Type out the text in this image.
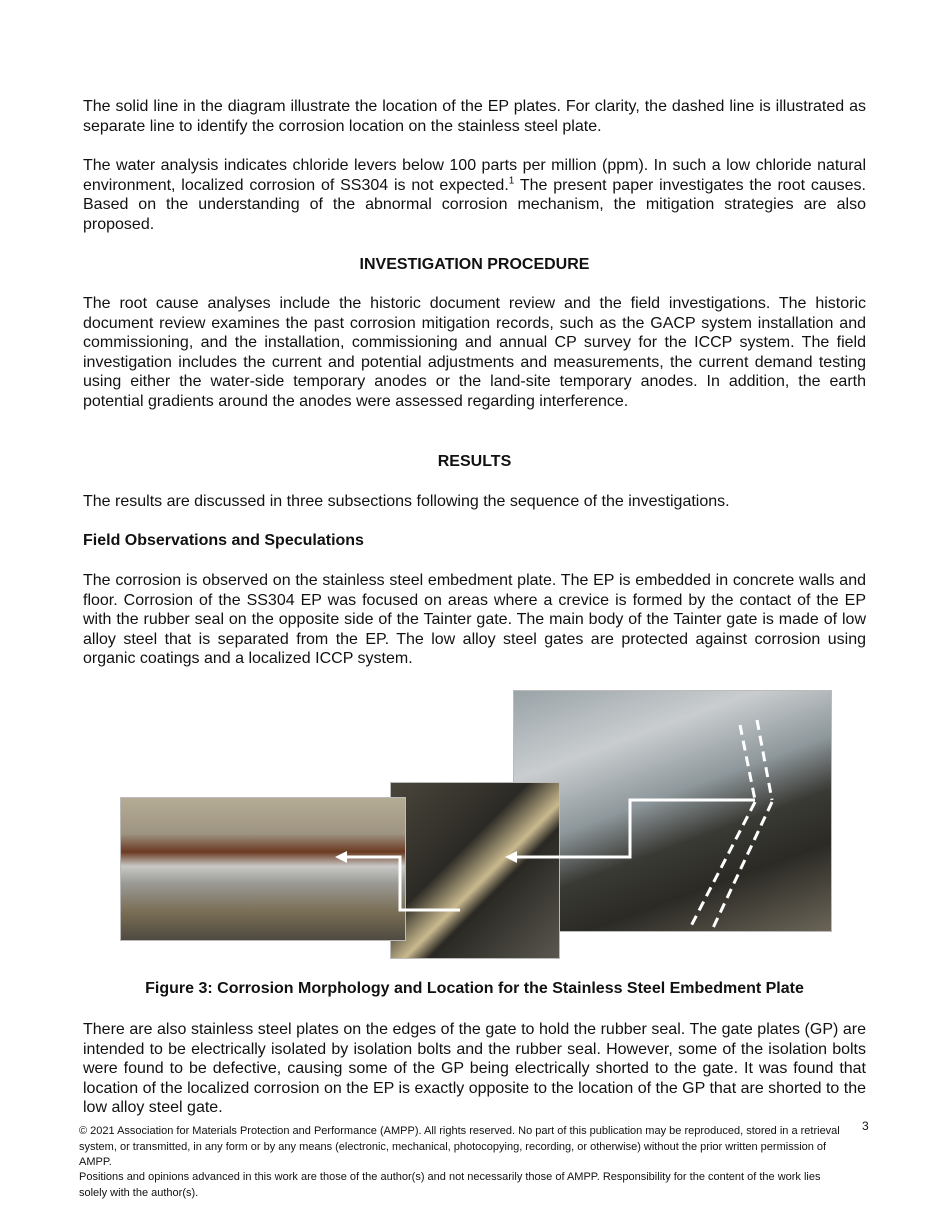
The solid line in the diagram illustrate the location of the EP plates. For clarity, the dashed line is illustrated as separate line to identify the corrosion location on the stainless steel plate.

The water analysis indicates chloride levers below 100 parts per million (ppm). In such a low chloride natural environment, localized corrosion of SS304 is not expected.$^1$ The present paper investigates the root causes. Based on the understanding of the abnormal corrosion mechanism, the mitigation strategies are also proposed.

INVESTIGATION PROCEDURE

The root cause analyses include the historic document review and the field investigations. The historic document review examines the past corrosion mitigation records, such as the GACP system installation and commissioning, and the installation, commissioning and annual CP survey for the ICCP system. The field investigation includes the current and potential adjustments and measurements, the current demand testing using either the water-side temporary anodes or the land-site temporary anodes. In addition, the earth potential gradients around the anodes were assessed regarding interference.

RESULTS

The results are discussed in three subsections following the sequence of the investigations.

Field Observations and Speculations

The corrosion is observed on the stainless steel embedment plate. The EP is embedded in concrete walls and floor. Corrosion of the SS304 EP was focused on areas where a crevice is formed by the contact of the EP with the rubber seal on the opposite side of the Tainter gate. The main body of the Tainter gate is made of low alloy steel that is separated from the EP. The low alloy steel gates are protected against corrosion using organic coatings and a localized ICCP system.

Figure 3: Corrosion Morphology and Location for the Stainless Steel Embedment Plate

There are also stainless steel plates on the edges of the gate to hold the rubber seal. The gate plates (GP) are intended to be electrically isolated by isolation bolts and the rubber seal. However, some of the isolation bolts were found to be defective, causing some of the GP being electrically shorted to the gate. It was found that location of the localized corrosion on the EP is exactly opposite to the location of the GP that are shorted to the low alloy steel gate.

© 2021 Association for Materials Protection and Performance (AMPP). All rights reserved. No part of this publication may be reproduced, stored in a retrieval system, or transmitted, in any form or by any means (electronic, mechanical, photocopying, recording, or otherwise) without the prior written permission of AMPP.

Positions and opinions advanced in this work are those of the author(s) and not necessarily those of AMPP. Responsibility for the content of the work lies solely with the author(s).

3
